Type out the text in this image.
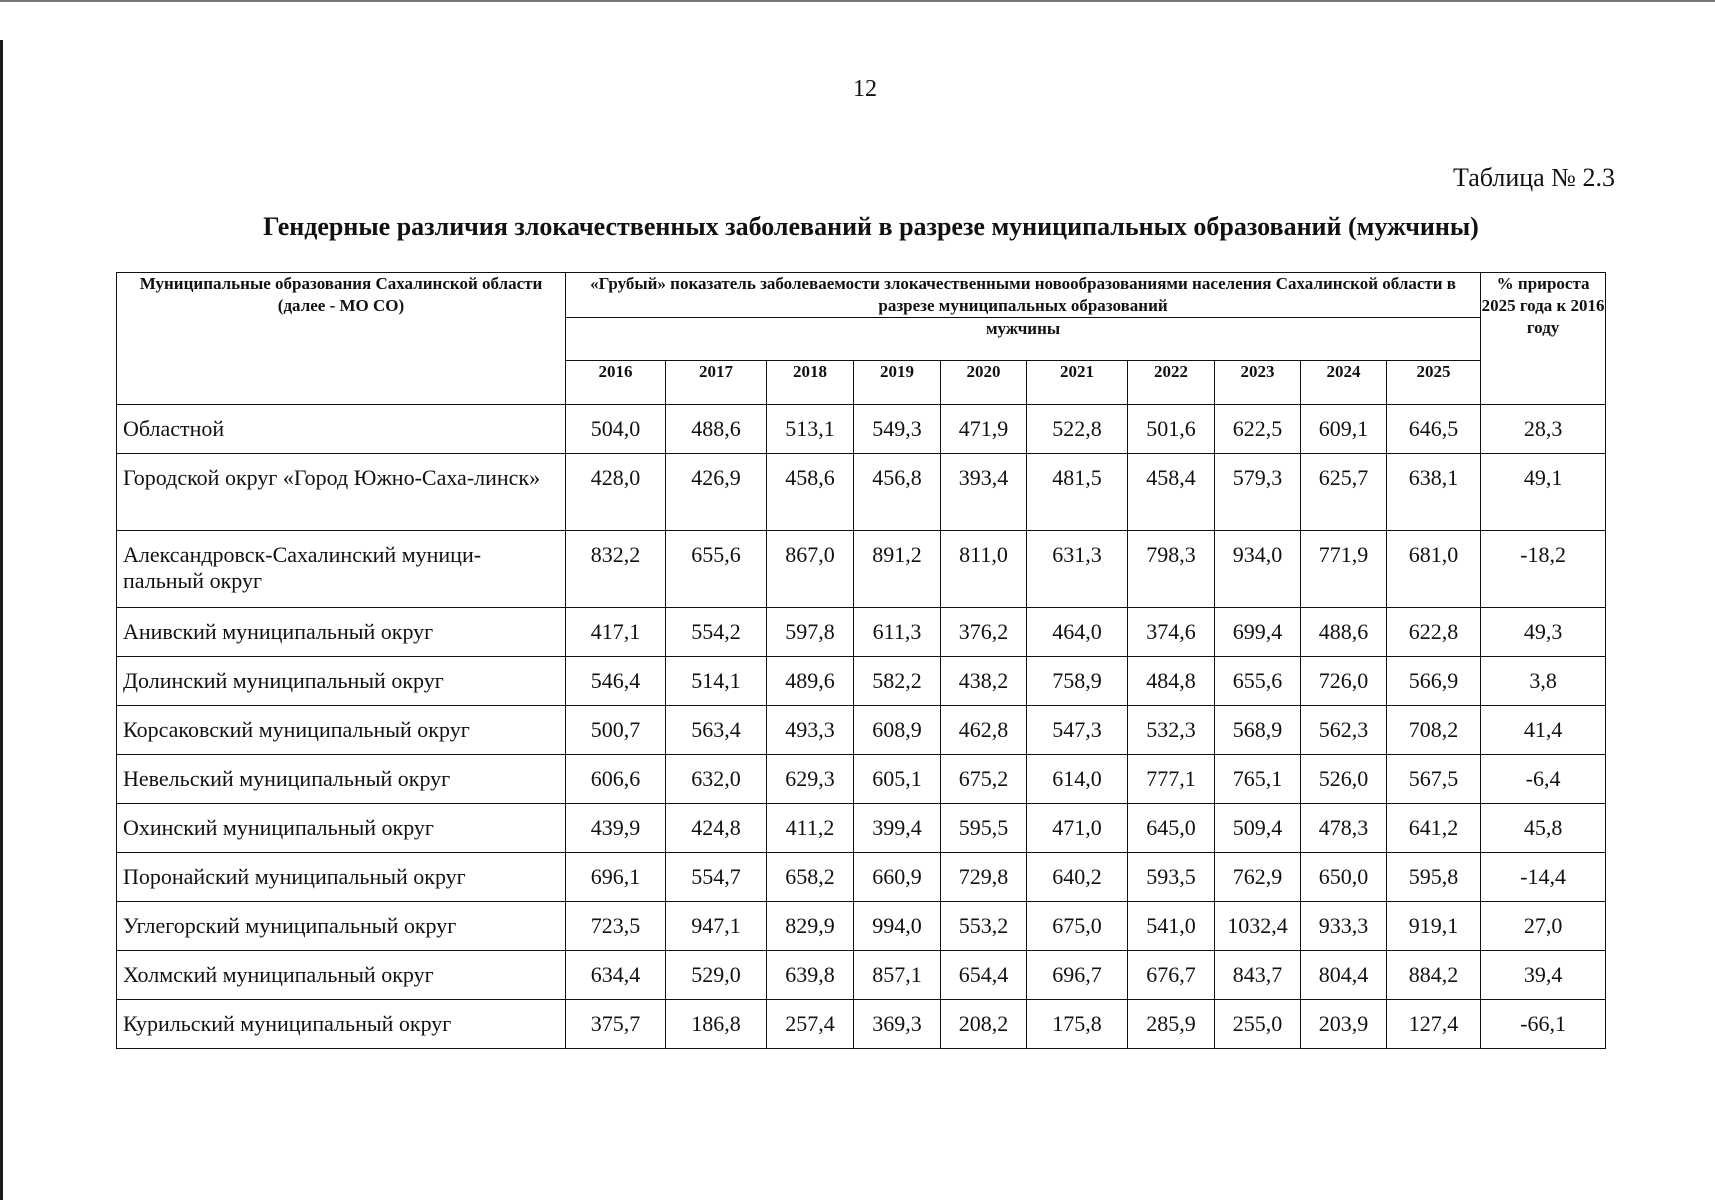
12
Таблица № 2.3
Гендерные различия злокачественных заболеваний в разрезе муниципальных образований (мужчины)
Муниципальные образования Сахалинской области (далее - МО СО)	«Грубый» показатель заболеваемости злокачественными новообразованиями населения Сахалинской области в разрезе муниципальных образований										% прироста 2025 года к 2016 году
	мужчины										
	2016	2017	2018	2019	2020	2021	2022	2023	2024	2025	
Областной	504,0	488,6	513,1	549,3	471,9	522,8	501,6	622,5	609,1	646,5	28,3
Городской округ «Город Южно-Саха-линск»	428,0	426,9	458,6	456,8	393,4	481,5	458,4	579,3	625,7	638,1	49,1
Александровск-Сахалинский муници-пальный округ	832,2	655,6	867,0	891,2	811,0	631,3	798,3	934,0	771,9	681,0	-18,2
Анивский муниципальный округ	417,1	554,2	597,8	611,3	376,2	464,0	374,6	699,4	488,6	622,8	49,3
Долинский муниципальный округ	546,4	514,1	489,6	582,2	438,2	758,9	484,8	655,6	726,0	566,9	3,8
Корсаковский муниципальный округ	500,7	563,4	493,3	608,9	462,8	547,3	532,3	568,9	562,3	708,2	41,4
Невельский муниципальный округ	606,6	632,0	629,3	605,1	675,2	614,0	777,1	765,1	526,0	567,5	-6,4
Охинский муниципальный округ	439,9	424,8	411,2	399,4	595,5	471,0	645,0	509,4	478,3	641,2	45,8
Поронайский муниципальный округ	696,1	554,7	658,2	660,9	729,8	640,2	593,5	762,9	650,0	595,8	-14,4
Углегорский муниципальный округ	723,5	947,1	829,9	994,0	553,2	675,0	541,0	1032,4	933,3	919,1	27,0
Холмский муниципальный округ	634,4	529,0	639,8	857,1	654,4	696,7	676,7	843,7	804,4	884,2	39,4
Курильский муниципальный округ	375,7	186,8	257,4	369,3	208,2	175,8	285,9	255,0	203,9	127,4	-66,1
